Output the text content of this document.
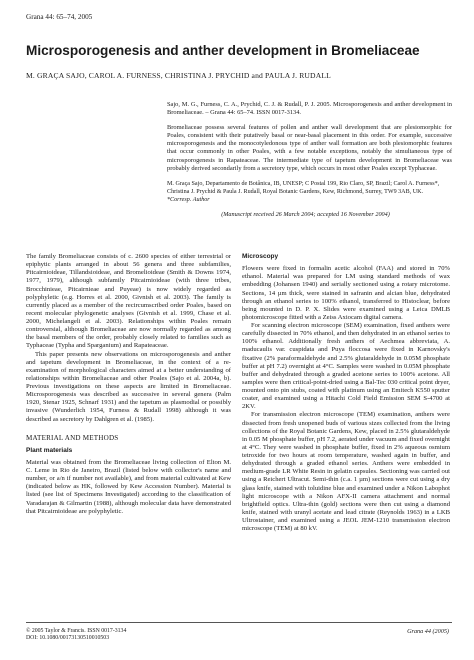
Grana 44: 65–74, 2005
Microsporogenesis and anther development in Bromeliaceae
M. GRAÇA SAJO, CAROL A. FURNESS, CHRISTINA J. PRYCHID and PAULA J. RUDALL

Sajo, M. G., Furness, C. A., Prychid, C. J. & Rudall, P. J. 2005. Microsporogenesis and anther development in Bromeliaceae. – Grana 44: 65–74. ISSN 0017-3134.

Bromeliaceae possess several features of pollen and anther wall development that are plesiomorphic for Poales, consistent with their putatively basal or near-basal placement in this order. For example, successive microsporogenesis and the monocotyledonous type of anther wall formation are both plesiomorphic features that occur commonly in other Poales, with a few notable exceptions, notably the simultaneous type of microsporogenesis in Rapateaceae. The intermediate type of tapetum development in Bromeliaceae was probably derived secondarily from a secretory type, which occurs in most other Poales except Typhaceae.

M. Graça Sajo, Departamento de Botânica, IB, UNESP; C Postal 199, Rio Claro, SP, Brazil; Carol A. Furness*, Christina J. Prychid & Paula J. Rudall, Royal Botanic Gardens, Kew, Richmond, Surrey, TW9 3AB, UK.

*Corresp. Author

(Manuscript received 26 March 2004; accepted 16 November 2004)

The family Bromeliaceae consists of c. 2600 species of either terrestrial or epiphytic plants arranged in about 56 genera and three subfamilies, Pitcairnioideae, Tillandsioideae, and Bromelioideae (Smith & Downs 1974, 1977, 1979), although subfamily Pitcairnioideae (with three tribes, Brocchinieae, Pitcairnieae and Puyeae) is now widely regarded as polyphyletic (e.g. Horres et al. 2000, Givnish et al. 2003). The family is currently placed as a member of the recircumscribed order Poales, based on recent molecular phylogenetic analyses (Givnish et al. 1999, Chase et al. 2000, Michelangeli et al. 2003). Relationships within Poales remain controversial, although Bromeliaceae are now normally regarded as among the basal members of the order, probably closely related to families such as Typhaceae (Typha and Sparganium) and Rapateaceae.

This paper presents new observations on microsporogenesis and anther and tapetum development in Bromeliaceae, in the context of a re-examination of morphological characters aimed at a better understanding of relationships within Bromeliaceae and other Poales (Sajo et al. 2004a, b). Previous investigations on these aspects are limited in Bromeliaceae. Microsporogenesis was described as successive in several genera (Palm 1920, Stenar 1925, Schnarf 1931) and the tapetum as plasmodial or possibly invasive (Wunderlich 1954, Furness & Rudall 1998) although it was described as secretory by Dahlgren et al. (1985).

MATERIAL AND METHODS
Plant materials

Material was obtained from the Bromeliaceae living collection of Elton M. C. Leme in Rio de Janeiro, Brazil (listed below with collector's name and number, or a/n if number not available), and from material cultivated at Kew (indicated below as HK, followed by Kew Accession Number). Material is listed (see list of Specimens Investigated) according to the classification of Varadarajan & Gilmartin (1988), although molecular data have demonstrated that Pitcairnioideae are polyphyletic.

Microscopy

Flowers were fixed in formalin acetic alcohol (FAA) and stored in 70% ethanol. Material was prepared for LM using standard methods of wax embedding (Johansen 1940) and serially sectioned using a rotary microtome. Sections, 14 µm thick, were stained in safranin and alcian blue, dehydrated through an ethanol series to 100% ethanol, transferred to Histoclear, before being mounted in D. P. X. Slides were examined using a Leica DMLB photomicroscope fitted with a Zeiss Axiocam digital camera.

For scanning electron microscope (SEM) examination, fixed anthers were carefully dissected in 70% ethanol, and then dehydrated in an ethanol series to 100% ethanol. Additionally fresh anthers of Aechmea abbreviata, A. maducaulis var. cuspidata and Puya floccosa were fixed in Karnovsky's fixative (2% paraformaldehyde and 2.5% glutaraldehyde in 0.05M phosphate buffer at pH 7.2) overnight at 4°C. Samples were washed in 0.05M phosphate buffer and dehydrated through a graded acetone series to 100% acetone. All samples were then critical-point-dried using a Bal-Tec 030 critical point dryer, mounted onto pin stubs, coated with platinum using an Emitech K550 sputter coater, and examined using a Hitachi Cold Field Emission SEM S-4700 at 2KV.

For transmission electron microscope (TEM) examination, anthers were dissected from fresh unopened buds of various sizes collected from the living collections of the Royal Botanic Gardens, Kew, placed in 2.5% glutaraldehyde in 0.05 M phosphate buffer, pH 7.2, aerated under vacuum and fixed overnight at 4°C. They were washed in phosphate buffer, fixed in 2% aqueous osmium tetroxide for two hours at room temperature, washed again in buffer, and dehydrated through a graded ethanol series. Anthers were embedded in medium-grade LR White Resin in gelatin capsules. Sectioning was carried out using a Reichert Ultracut. Semi-thin (c.a. 1 µm) sections were cut using a dry glass knife, stained with toluidine blue and examined under a Nikon Labophot light microscope with a Nikon AFX-II camera attachment and normal brightfield optics. Ultra-thin (gold) sections were then cut using a diamond knife, stained with uranyl acetate and lead citrate (Reynolds 1963) in a LKB Ultrostainer, and examined using a JEOL JEM-1210 transmission electron microscope (TEM) at 80 kV.

© 2005 Taylor & Francis. ISSN 0017-3134
DOI: 10.1080/00173130510010503
Grana 44 (2005)
